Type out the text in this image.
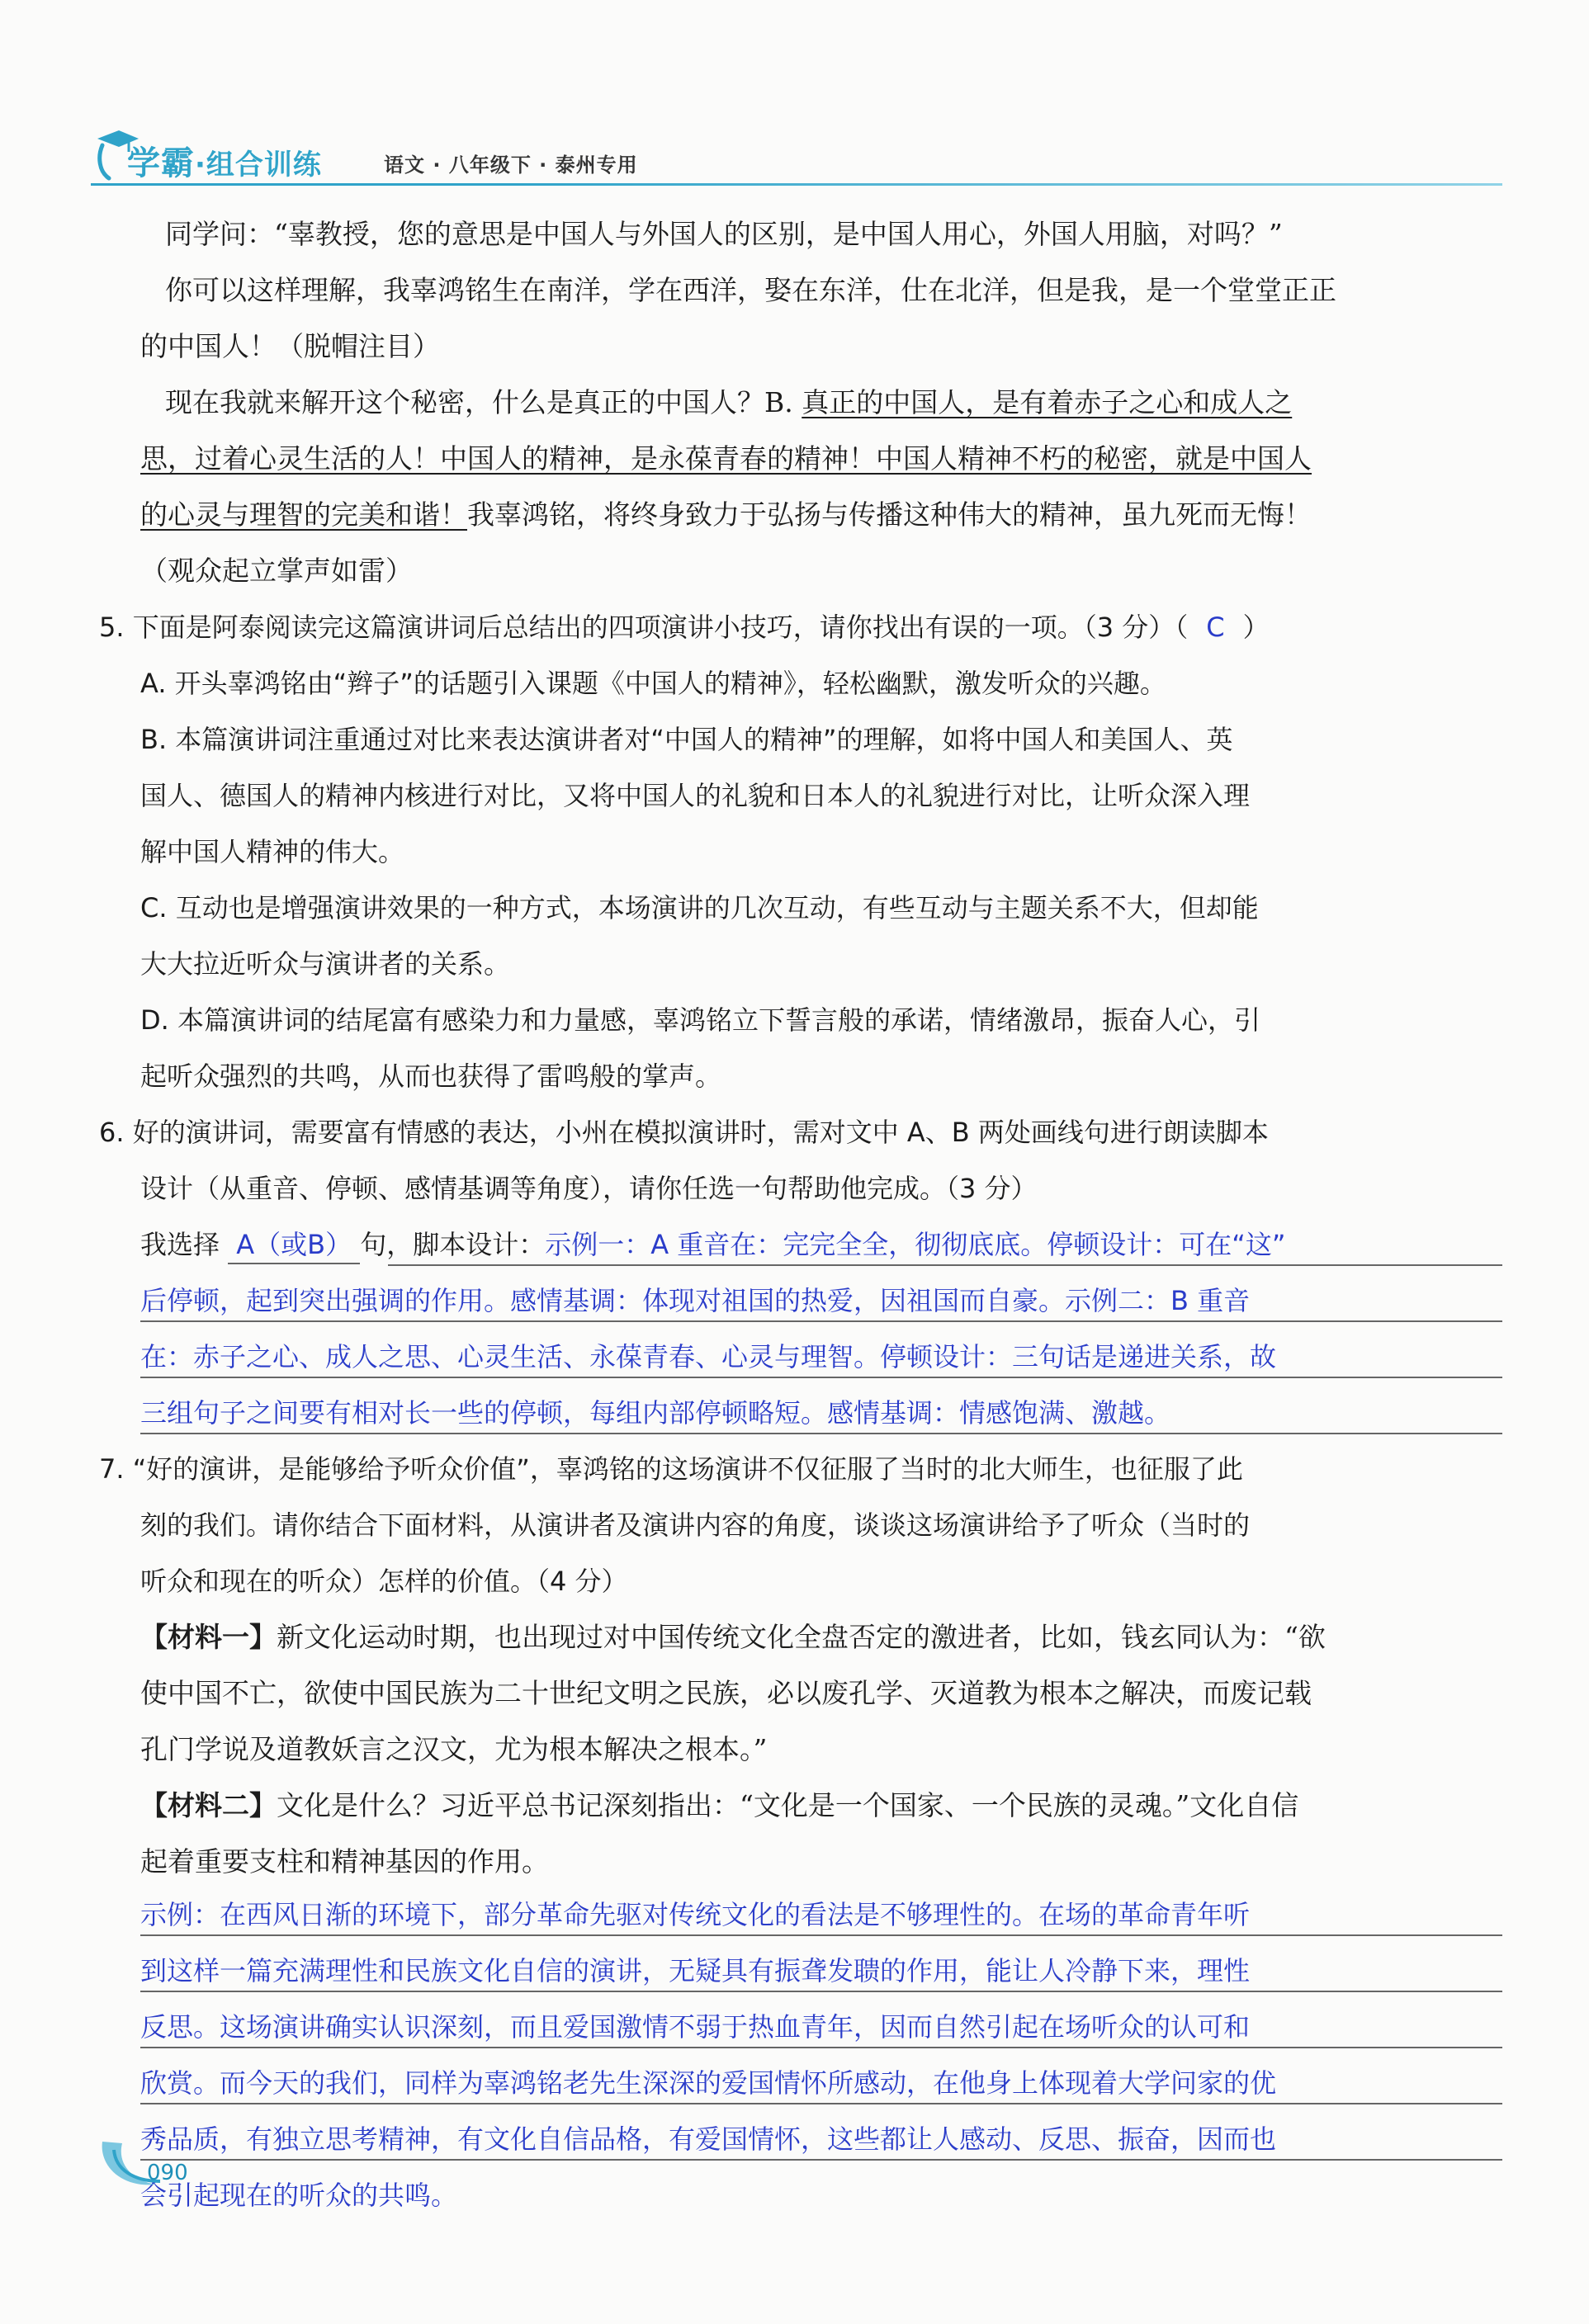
学霸·组合训练	语文 · 八年级下 · 泰州专用
同学问：“辜教授，您的意思是中国人与外国人的区别，是中国人用心，外国人用脑，对吗？”
你可以这样理解，我辜鸿铭生在南洋，学在西洋，娶在东洋，仕在北洋，但是我，是一个堂堂正正
的中国人！（脱帽注目）
现在我就来解开这个秘密，什么是真正的中国人？B. 真正的中国人，是有着赤子之心和成人之
思，过着心灵生活的人！中国人的精神，是永葆青春的精神！中国人精神不朽的秘密，就是中国人
的心灵与理智的完美和谐！我辜鸿铭，将终身致力于弘扬与传播这种伟大的精神，虽九死而无悔！
（观众起立掌声如雷）
5. 下面是阿泰阅读完这篇演讲词后总结出的四项演讲小技巧，请你找出有误的一项。（3 分）（ C ）
A. 开头辜鸿铭由“辫子”的话题引入课题《中国人的精神》，轻松幽默，激发听众的兴趣。
B. 本篇演讲词注重通过对比来表达演讲者对“中国人的精神”的理解，如将中国人和美国人、英
国人、德国人的精神内核进行对比，又将中国人的礼貌和日本人的礼貌进行对比，让听众深入理
解中国人精神的伟大。
C. 互动也是增强演讲效果的一种方式，本场演讲的几次互动，有些互动与主题关系不大，但却能
大大拉近听众与演讲者的关系。
D. 本篇演讲词的结尾富有感染力和力量感，辜鸿铭立下誓言般的承诺，情绪激昂，振奋人心，引
起听众强烈的共鸣，从而也获得了雷鸣般的掌声。
6. 好的演讲词，需要富有情感的表达，小州在模拟演讲时，需对文中 A、B 两处画线句进行朗读脚本
设计（从重音、停顿、感情基调等角度），请你任选一句帮助他完成。（3 分）
我选择 A（或B） 句，脚本设计：示例一：A 重音在：完完全全，彻彻底底。停顿设计：可在“这”
后停顿，起到突出强调的作用。感情基调：体现对祖国的热爱，因祖国而自豪。示例二：B 重音
在：赤子之心、成人之思、心灵生活、永葆青春、心灵与理智。停顿设计：三句话是递进关系，故
三组句子之间要有相对长一些的停顿，每组内部停顿略短。感情基调：情感饱满、激越。
7. “好的演讲，是能够给予听众价值”，辜鸿铭的这场演讲不仅征服了当时的北大师生，也征服了此
刻的我们。请你结合下面材料，从演讲者及演讲内容的角度，谈谈这场演讲给予了听众（当时的
听众和现在的听众）怎样的价值。（4 分）
【材料一】新文化运动时期，也出现过对中国传统文化全盘否定的激进者，比如，钱玄同认为：“欲
使中国不亡，欲使中国民族为二十世纪文明之民族，必以废孔学、灭道教为根本之解决，而废记载
孔门学说及道教妖言之汉文，尤为根本解决之根本。”
【材料二】文化是什么？习近平总书记深刻指出：“文化是一个国家、一个民族的灵魂。”文化自信
起着重要支柱和精神基因的作用。
示例：在西风日渐的环境下，部分革命先驱对传统文化的看法是不够理性的。在场的革命青年听
到这样一篇充满理性和民族文化自信的演讲，无疑具有振聋发聩的作用，能让人冷静下来，理性
反思。这场演讲确实认识深刻，而且爱国激情不弱于热血青年，因而自然引起在场听众的认可和
欣赏。而今天的我们，同样为辜鸿铭老先生深深的爱国情怀所感动，在他身上体现着大学问家的优
秀品质，有独立思考精神，有文化自信品格，有爱国情怀，这些都让人感动、反思、振奋，因而也
会引起现在的听众的共鸣。
090
